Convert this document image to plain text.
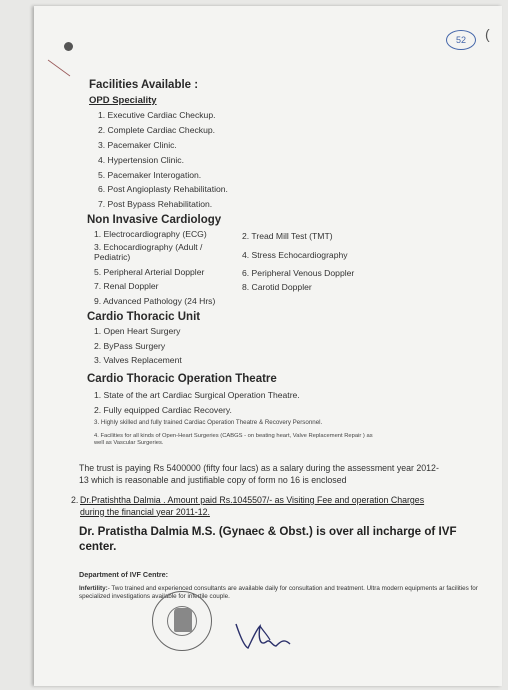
52	(
Facilities Available :
OPD Speciality
1. Executive Cardiac Checkup.
2. Complete Cardiac Checkup.
3. Pacemaker Clinic.
4. Hypertension Clinic.
5. Pacemaker Interogation.
6. Post Angioplasty Rehabilitation.
7. Post Bypass Rehabilitation.
Non Invasive Cardiology
1. Electrocardiography (ECG)
3. Echocardiography (Adult /
Pediatric)
5. Peripheral Arterial Doppler
7. Renal Doppler
9. Advanced Pathology (24 Hrs)
2. Tread Mill Test (TMT)
4. Stress Echocardiography
6. Peripheral Venous Doppler
8. Carotid Doppler
Cardio Thoracic Unit
1. Open Heart Surgery
2. ByPass Surgery
3. Valves Replacement
Cardio Thoracic Operation Theatre
1. State of the art Cardiac Surgical Operation Theatre.
2. Fully equipped Cardiac Recovery.
3. Highly skilled and fully trained Cardiac Operation Theatre & Recovery Personnel.
4. Facilities for all kinds of Open-Heart Surgeries (CABGS - on beating heart, Valve Replacement Repair ) as well as Vascular Surgeries.
The trust is paying Rs 5400000 (fifty four lacs) as a salary during the assessment year 2012-13 which is reasonable and justifiable copy of form no 16 is enclosed
2. Dr.Pratishtha Dalmia . Amount paid Rs.1045507/- as Visiting Fee and operation Charges during the financial year 2011-12.
Dr. Pratistha Dalmia M.S. (Gynaec & Obst.) is over all incharge of IVF center.
Department of IVF Centre:
Infertility:- Two trained and experienced consultants are available daily for consultation and treatment. Ultra modern equipments ar facilities for specialized investigations available for infertile couple.
